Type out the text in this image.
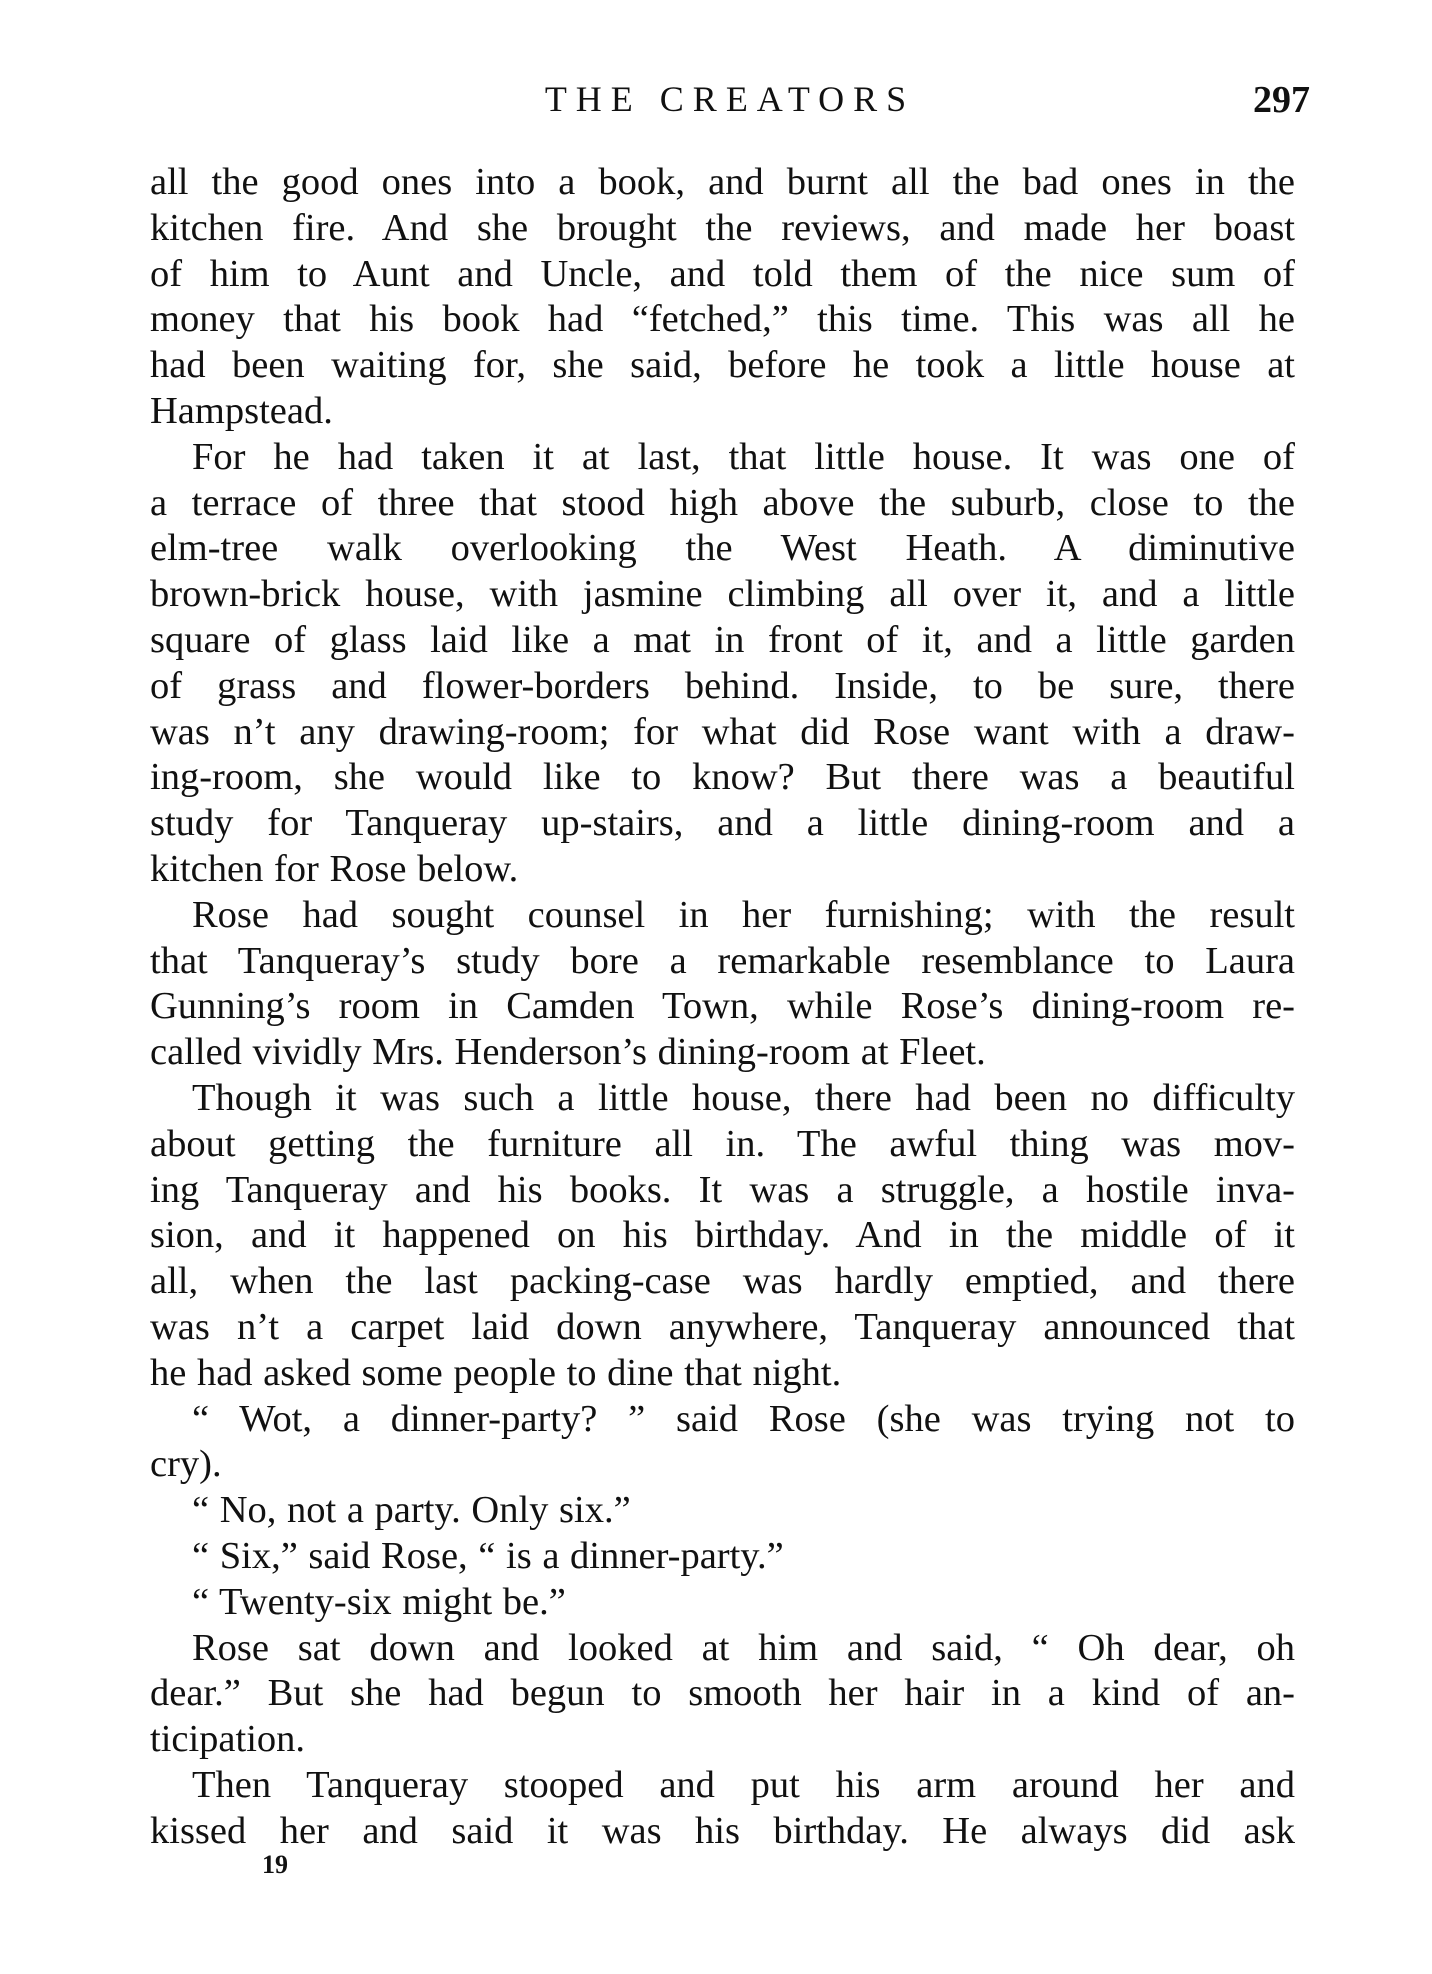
THE CREATORS	297
all the good ones into a book, and burnt all the bad ones in the
kitchen fire. And she brought the reviews, and made her boast
of him to Aunt and Uncle, and told them of the nice sum of
money that his book had “fetched,” this time. This was all he
had been waiting for, she said, before he took a little house at
Hampstead.
For he had taken it at last, that little house. It was one of
a terrace of three that stood high above the suburb, close to the
elm-tree walk overlooking the West Heath. A diminutive
brown-brick house, with jasmine climbing all over it, and a little
square of glass laid like a mat in front of it, and a little garden
of grass and flower-borders behind. Inside, to be sure, there
was n’t any drawing-room; for what did Rose want with a draw-
ing-room, she would like to know? But there was a beautiful
study for Tanqueray up-stairs, and a little dining-room and a
kitchen for Rose below.
Rose had sought counsel in her furnishing; with the result
that Tanqueray’s study bore a remarkable resemblance to Laura
Gunning’s room in Camden Town, while Rose’s dining-room re-
called vividly Mrs. Henderson’s dining-room at Fleet.
Though it was such a little house, there had been no difficulty
about getting the furniture all in. The awful thing was mov-
ing Tanqueray and his books. It was a struggle, a hostile inva-
sion, and it happened on his birthday. And in the middle of it
all, when the last packing-case was hardly emptied, and there
was n’t a carpet laid down anywhere, Tanqueray announced that
he had asked some people to dine that night.
“ Wot, a dinner-party? ” said Rose (she was trying not to
cry).
“ No, not a party. Only six.”
“ Six,” said Rose, “ is a dinner-party.”
“ Twenty-six might be.”
Rose sat down and looked at him and said, “ Oh dear, oh
dear.” But she had begun to smooth her hair in a kind of an-
ticipation.
Then Tanqueray stooped and put his arm around her and
kissed her and said it was his birthday. He always did ask
19
